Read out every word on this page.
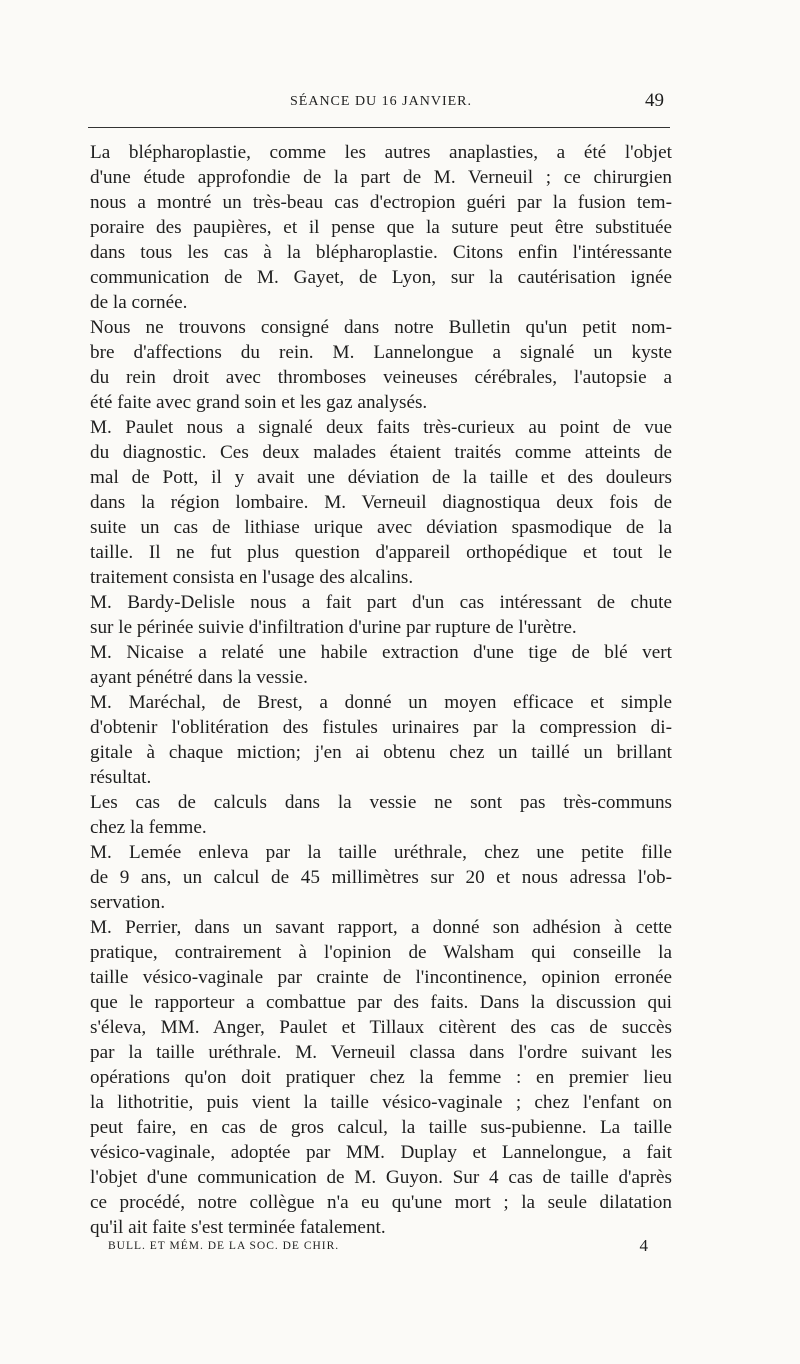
SÉANCE DU 16 JANVIER.	49
La blépharoplastie, comme les autres anaplasties, a été l'objet
d'une étude approfondie de la part de M. Verneuil ; ce chirurgien
nous a montré un très-beau cas d'ectropion guéri par la fusion tem-
poraire des paupières, et il pense que la suture peut être substituée
dans tous les cas à la blépharoplastie. Citons enfin l'intéressante
communication de M. Gayet, de Lyon, sur la cautérisation ignée
de la cornée.
Nous ne trouvons consigné dans notre Bulletin qu'un petit nom-
bre d'affections du rein. M. Lannelongue a signalé un kyste
du rein droit avec thromboses veineuses cérébrales, l'autopsie a
été faite avec grand soin et les gaz analysés.
M. Paulet nous a signalé deux faits très-curieux au point de vue
du diagnostic. Ces deux malades étaient traités comme atteints de
mal de Pott, il y avait une déviation de la taille et des douleurs
dans la région lombaire. M. Verneuil diagnostiqua deux fois de
suite un cas de lithiase urique avec déviation spasmodique de la
taille. Il ne fut plus question d'appareil orthopédique et tout le
traitement consista en l'usage des alcalins.
M. Bardy-Delisle nous a fait part d'un cas intéressant de chute
sur le périnée suivie d'infiltration d'urine par rupture de l'urètre.
M. Nicaise a relaté une habile extraction d'une tige de blé vert
ayant pénétré dans la vessie.
M. Maréchal, de Brest, a donné un moyen efficace et simple
d'obtenir l'oblitération des fistules urinaires par la compression di-
gitale à chaque miction; j'en ai obtenu chez un taillé un brillant
résultat.
Les cas de calculs dans la vessie ne sont pas très-communs
chez la femme.
M. Lemée enleva par la taille uréthrale, chez une petite fille
de 9 ans, un calcul de 45 millimètres sur 20 et nous adressa l'ob-
servation.
M. Perrier, dans un savant rapport, a donné son adhésion à cette
pratique, contrairement à l'opinion de Walsham qui conseille la
taille vésico-vaginale par crainte de l'incontinence, opinion erronée
que le rapporteur a combattue par des faits. Dans la discussion qui
s'éleva, MM. Anger, Paulet et Tillaux citèrent des cas de succès
par la taille uréthrale. M. Verneuil classa dans l'ordre suivant les
opérations qu'on doit pratiquer chez la femme : en premier lieu
la lithotritie, puis vient la taille vésico-vaginale ; chez l'enfant on
peut faire, en cas de gros calcul, la taille sus-pubienne. La taille
vésico-vaginale, adoptée par MM. Duplay et Lannelongue, a fait
l'objet d'une communication de M. Guyon. Sur 4 cas de taille d'après
ce procédé, notre collègue n'a eu qu'une mort ; la seule dilatation
qu'il ait faite s'est terminée fatalement.
BULL. ET MÉM. DE LA SOC. DE CHIR.	4
